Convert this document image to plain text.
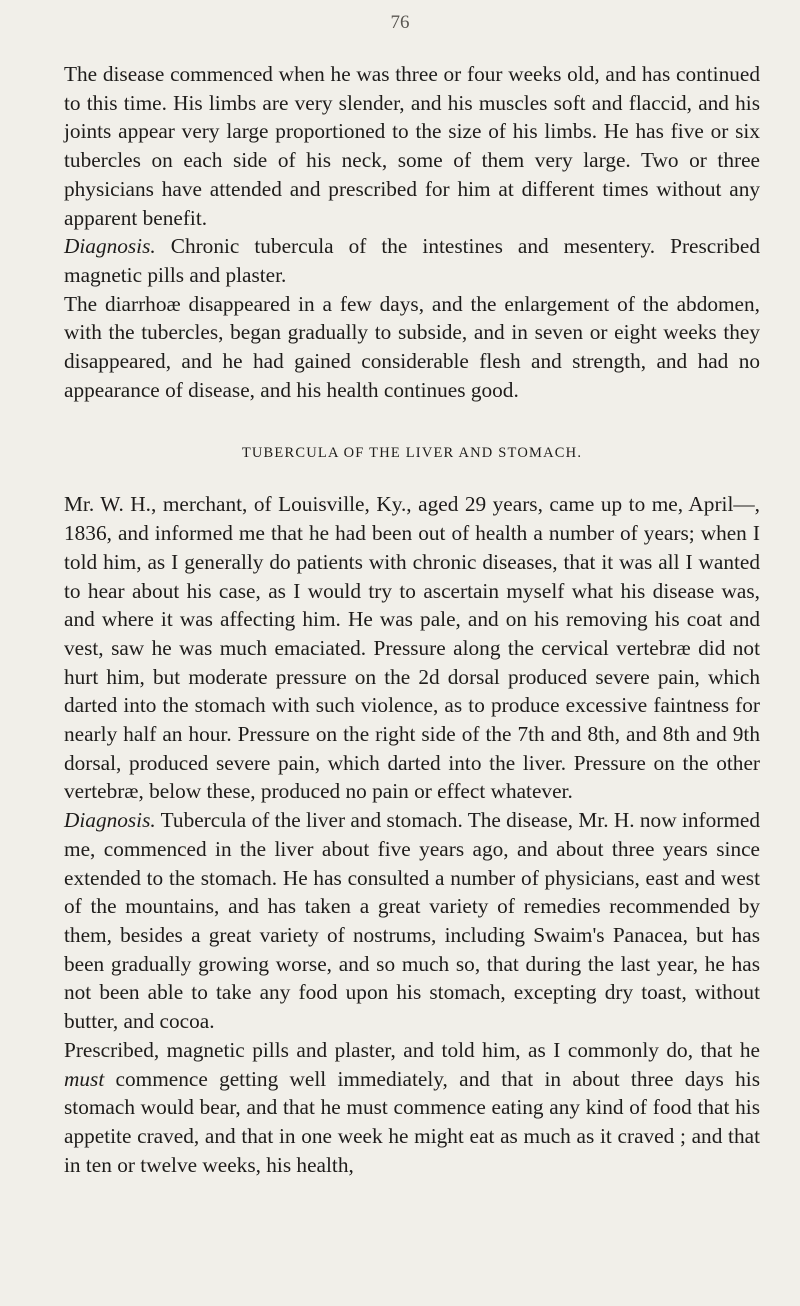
76

The disease commenced when he was three or four weeks old, and has continued to this time. His limbs are very slender, and his muscles soft and flaccid, and his joints appear very large proportioned to the size of his limbs. He has five or six tubercles on each side of his neck, some of them very large. Two or three physicians have attended and prescribed for him at different times without any apparent benefit.

Diagnosis. Chronic tubercula of the intestines and mesentery. Prescribed magnetic pills and plaster.

The diarrhoæ disappeared in a few days, and the enlargement of the abdomen, with the tubercles, began gradually to subside, and in seven or eight weeks they disappeared, and he had gained considerable flesh and strength, and had no appearance of disease, and his health continues good.

TUBERCULA OF THE LIVER AND STOMACH.

Mr. W. H., merchant, of Louisville, Ky., aged 29 years, came up to me, April—, 1836, and informed me that he had been out of health a number of years; when I told him, as I generally do patients with chronic diseases, that it was all I wanted to hear about his case, as I would try to ascertain myself what his disease was, and where it was affecting him. He was pale, and on his removing his coat and vest, saw he was much emaciated. Pressure along the cervical vertebræ did not hurt him, but moderate pressure on the 2d dorsal produced severe pain, which darted into the stomach with such violence, as to produce excessive faintness for nearly half an hour. Pressure on the right side of the 7th and 8th, and 8th and 9th dorsal, produced severe pain, which darted into the liver. Pressure on the other vertebræ, below these, produced no pain or effect whatever.

Diagnosis. Tubercula of the liver and stomach. The disease, Mr. H. now informed me, commenced in the liver about five years ago, and about three years since extended to the stomach. He has consulted a number of physicians, east and west of the mountains, and has taken a great variety of remedies recommended by them, besides a great variety of nostrums, including Swaim's Panacea, but has been gradually growing worse, and so much so, that during the last year, he has not been able to take any food upon his stomach, excepting dry toast, without butter, and cocoa.

Prescribed, magnetic pills and plaster, and told him, as I commonly do, that he must commence getting well immediately, and that in about three days his stomach would bear, and that he must commence eating any kind of food that his appetite craved, and that in one week he might eat as much as it craved ; and that in ten or twelve weeks, his health,
